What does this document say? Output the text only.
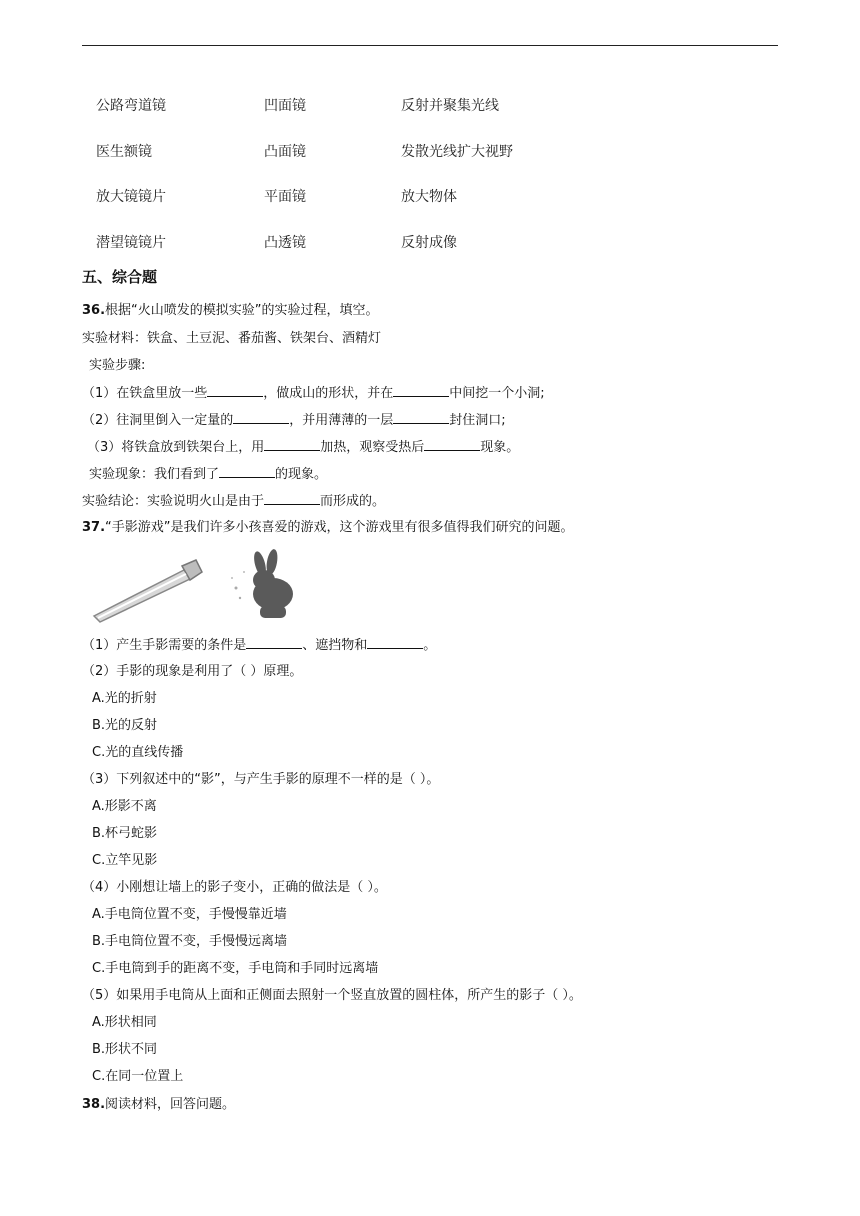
公路弯道镜	凹面镜	反射并聚集光线
医生额镜	凸面镜	发散光线扩大视野
放大镜镜片	平面镜	放大物体
潜望镜镜片	凸透镜	反射成像
五、综合题
36.根据“火山喷发的模拟实验”的实验过程，填空。
实验材料：铁盒、土豆泥、番茄酱、铁架台、酒精灯
实验步骤:
（1）在铁盒里放一些	，做成山的形状，并在	中间挖一个小洞;
（2）往洞里倒入一定量的	，并用薄薄的一层	封住洞口;
（3）将铁盒放到铁架台上，用	加热，观察受热后	现象。
实验现象：我们看到了	的现象。
实验结论：实验说明火山是由于	而形成的。
37.“手影游戏”是我们许多小孩喜爱的游戏，这个游戏里有很多值得我们研究的问题。
（1）产生手影需要的条件是	、遮挡物和	。
（2）手影的现象是利用了（ ）原理。
A.光的折射
B.光的反射
C.光的直线传播
（3）下列叙述中的“影”，与产生手影的原理不一样的是（ ）。
A.形影不离
B.杯弓蛇影
C.立竿见影
（4）小刚想让墙上的影子变小，正确的做法是（ ）。
A.手电筒位置不变，手慢慢靠近墙
B.手电筒位置不变，手慢慢远离墙
C.手电筒到手的距离不变，手电筒和手同时远离墙
（5）如果用手电筒从上面和正侧面去照射一个竖直放置的圆柱体，所产生的影子（ ）。
A.形状相同
B.形状不同
C.在同一位置上
38.阅读材料，回答问题。
